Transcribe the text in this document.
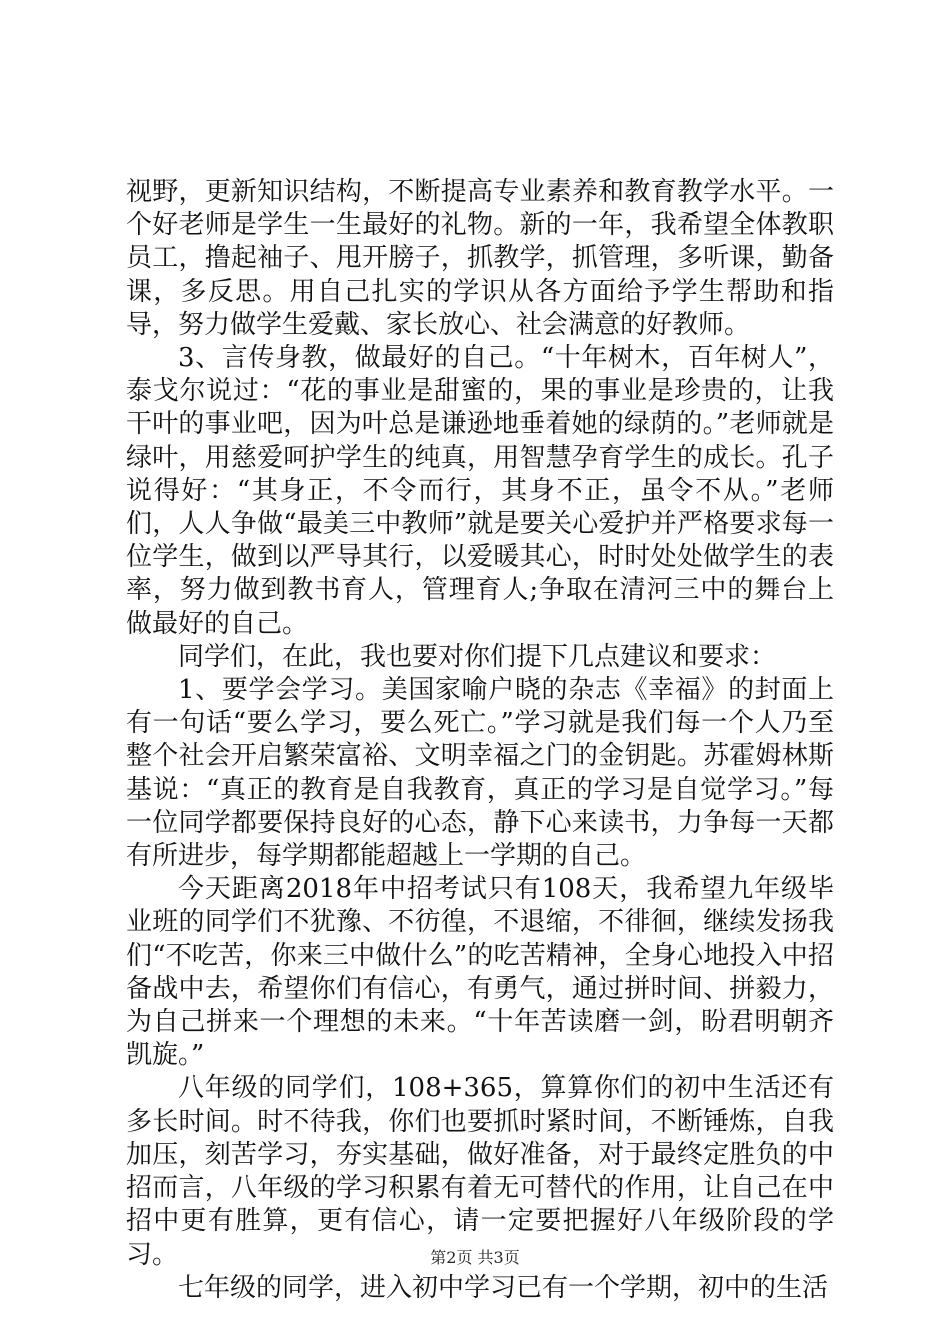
视野，更新知识结构，不断提高专业素养和教育教学水平。一个好老师是学生一生最好的礼物。新的一年，我希望全体教职员工，撸起袖子、甩开膀子，抓教学，抓管理，多听课，勤备课，多反思。用自己扎实的学识从各方面给予学生帮助和指导，努力做学生爱戴、家长放心、社会满意的好教师。

3、言传身教，做最好的自己。“十年树木，百年树人”，泰戈尔说过：“花的事业是甜蜜的，果的事业是珍贵的，让我干叶的事业吧，因为叶总是谦逊地垂着她的绿荫的。”老师就是绿叶，用慈爱呵护学生的纯真，用智慧孕育学生的成长。孔子说得好：“其身正，不令而行，其身不正，虽令不从。”老师们，人人争做“最美三中教师”就是要关心爱护并严格要求每一位学生，做到以严导其行，以爱暖其心，时时处处做学生的表率，努力做到教书育人，管理育人;争取在清河三中的舞台上做最好的自己。

同学们，在此，我也要对你们提下几点建议和要求：

1、要学会学习。美国家喻户晓的杂志《幸福》的封面上有一句话“要么学习，要么死亡。”学习就是我们每一个人乃至整个社会开启繁荣富裕、文明幸福之门的金钥匙。苏霍姆林斯基说：“真正的教育是自我教育，真正的学习是自觉学习。”每一位同学都要保持良好的心态，静下心来读书，力争每一天都有所进步，每学期都能超越上一学期的自己。

今天距离2018年中招考试只有108天，我希望九年级毕业班的同学们不犹豫、不彷徨，不退缩，不徘徊，继续发扬我们“不吃苦，你来三中做什么”的吃苦精神，全身心地投入中招备战中去，希望你们有信心，有勇气，通过拼时间、拼毅力，为自己拼来一个理想的未来。“十年苦读磨一剑，盼君明朝齐凯旋。”

八年级的同学们，108+365，算算你们的初中生活还有多长时间。时不待我，你们也要抓时紧时间，不断锤炼，自我加压，刻苦学习，夯实基础，做好准备，对于最终定胜负的中招而言，八年级的学习积累有着无可替代的作用，让自己在中招中更有胜算，更有信心，请一定要把握好八年级阶段的学习。

七年级的同学，进入初中学习已有一个学期，初中的生活

第2页 共3页
